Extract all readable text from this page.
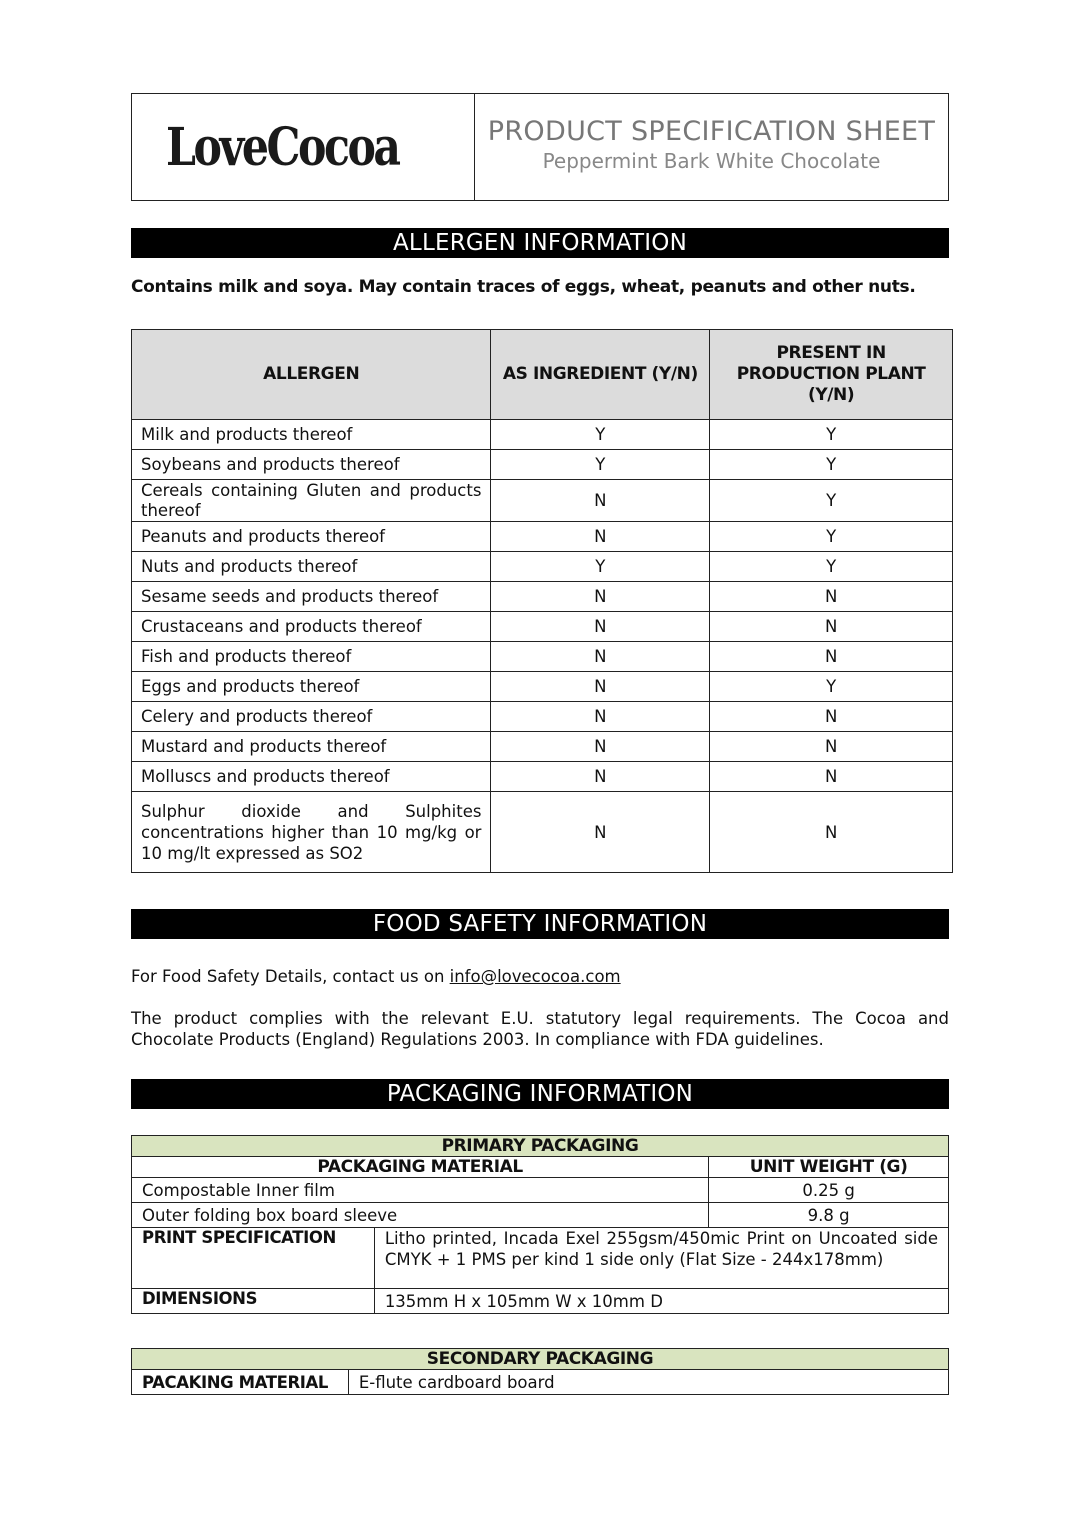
LoveCocoa	PRODUCT SPECIFICATION SHEET
Peppermint Bark White Chocolate
ALLERGEN INFORMATION
Contains milk and soya. May contain traces of eggs, wheat, peanuts and other nuts.
ALLERGEN	AS INGREDIENT (Y/N)	PRESENT IN PRODUCTION PLANT (Y/N)
Milk and products thereof	Y	Y
Soybeans and products thereof	Y	Y
Cereals containing Gluten and products thereof	N	Y
Peanuts and products thereof	N	Y
Nuts and products thereof	Y	Y
Sesame seeds and products thereof	N	N
Crustaceans and products thereof	N	N
Fish and products thereof	N	N
Eggs and products thereof	N	Y
Celery and products thereof	N	N
Mustard and products thereof	N	N
Molluscs and products thereof	N	N
Sulphur dioxide and Sulphites concentrations higher than 10 mg/kg or 10 mg/lt expressed as SO2	N	N
FOOD SAFETY INFORMATION
For Food Safety Details, contact us on info@lovecocoa.com
The product complies with the relevant E.U. statutory legal requirements. The Cocoa and Chocolate Products (England) Regulations 2003. In compliance with FDA guidelines.
PACKAGING INFORMATION
PRIMARY PACKAGING		
PACKAGING MATERIAL		UNIT WEIGHT (G)
Compostable Inner film		0.25 g
Outer folding box board sleeve		9.8 g
PRINT SPECIFICATION	Litho printed, Incada Exel 255gsm/450mic Print on Uncoated side CMYK + 1 PMS per kind 1 side only (Flat Size - 244x178mm)	
DIMENSIONS	135mm H x 105mm W x 10mm D	
SECONDARY PACKAGING
PACAKING MATERIAL	E-flute cardboard board
